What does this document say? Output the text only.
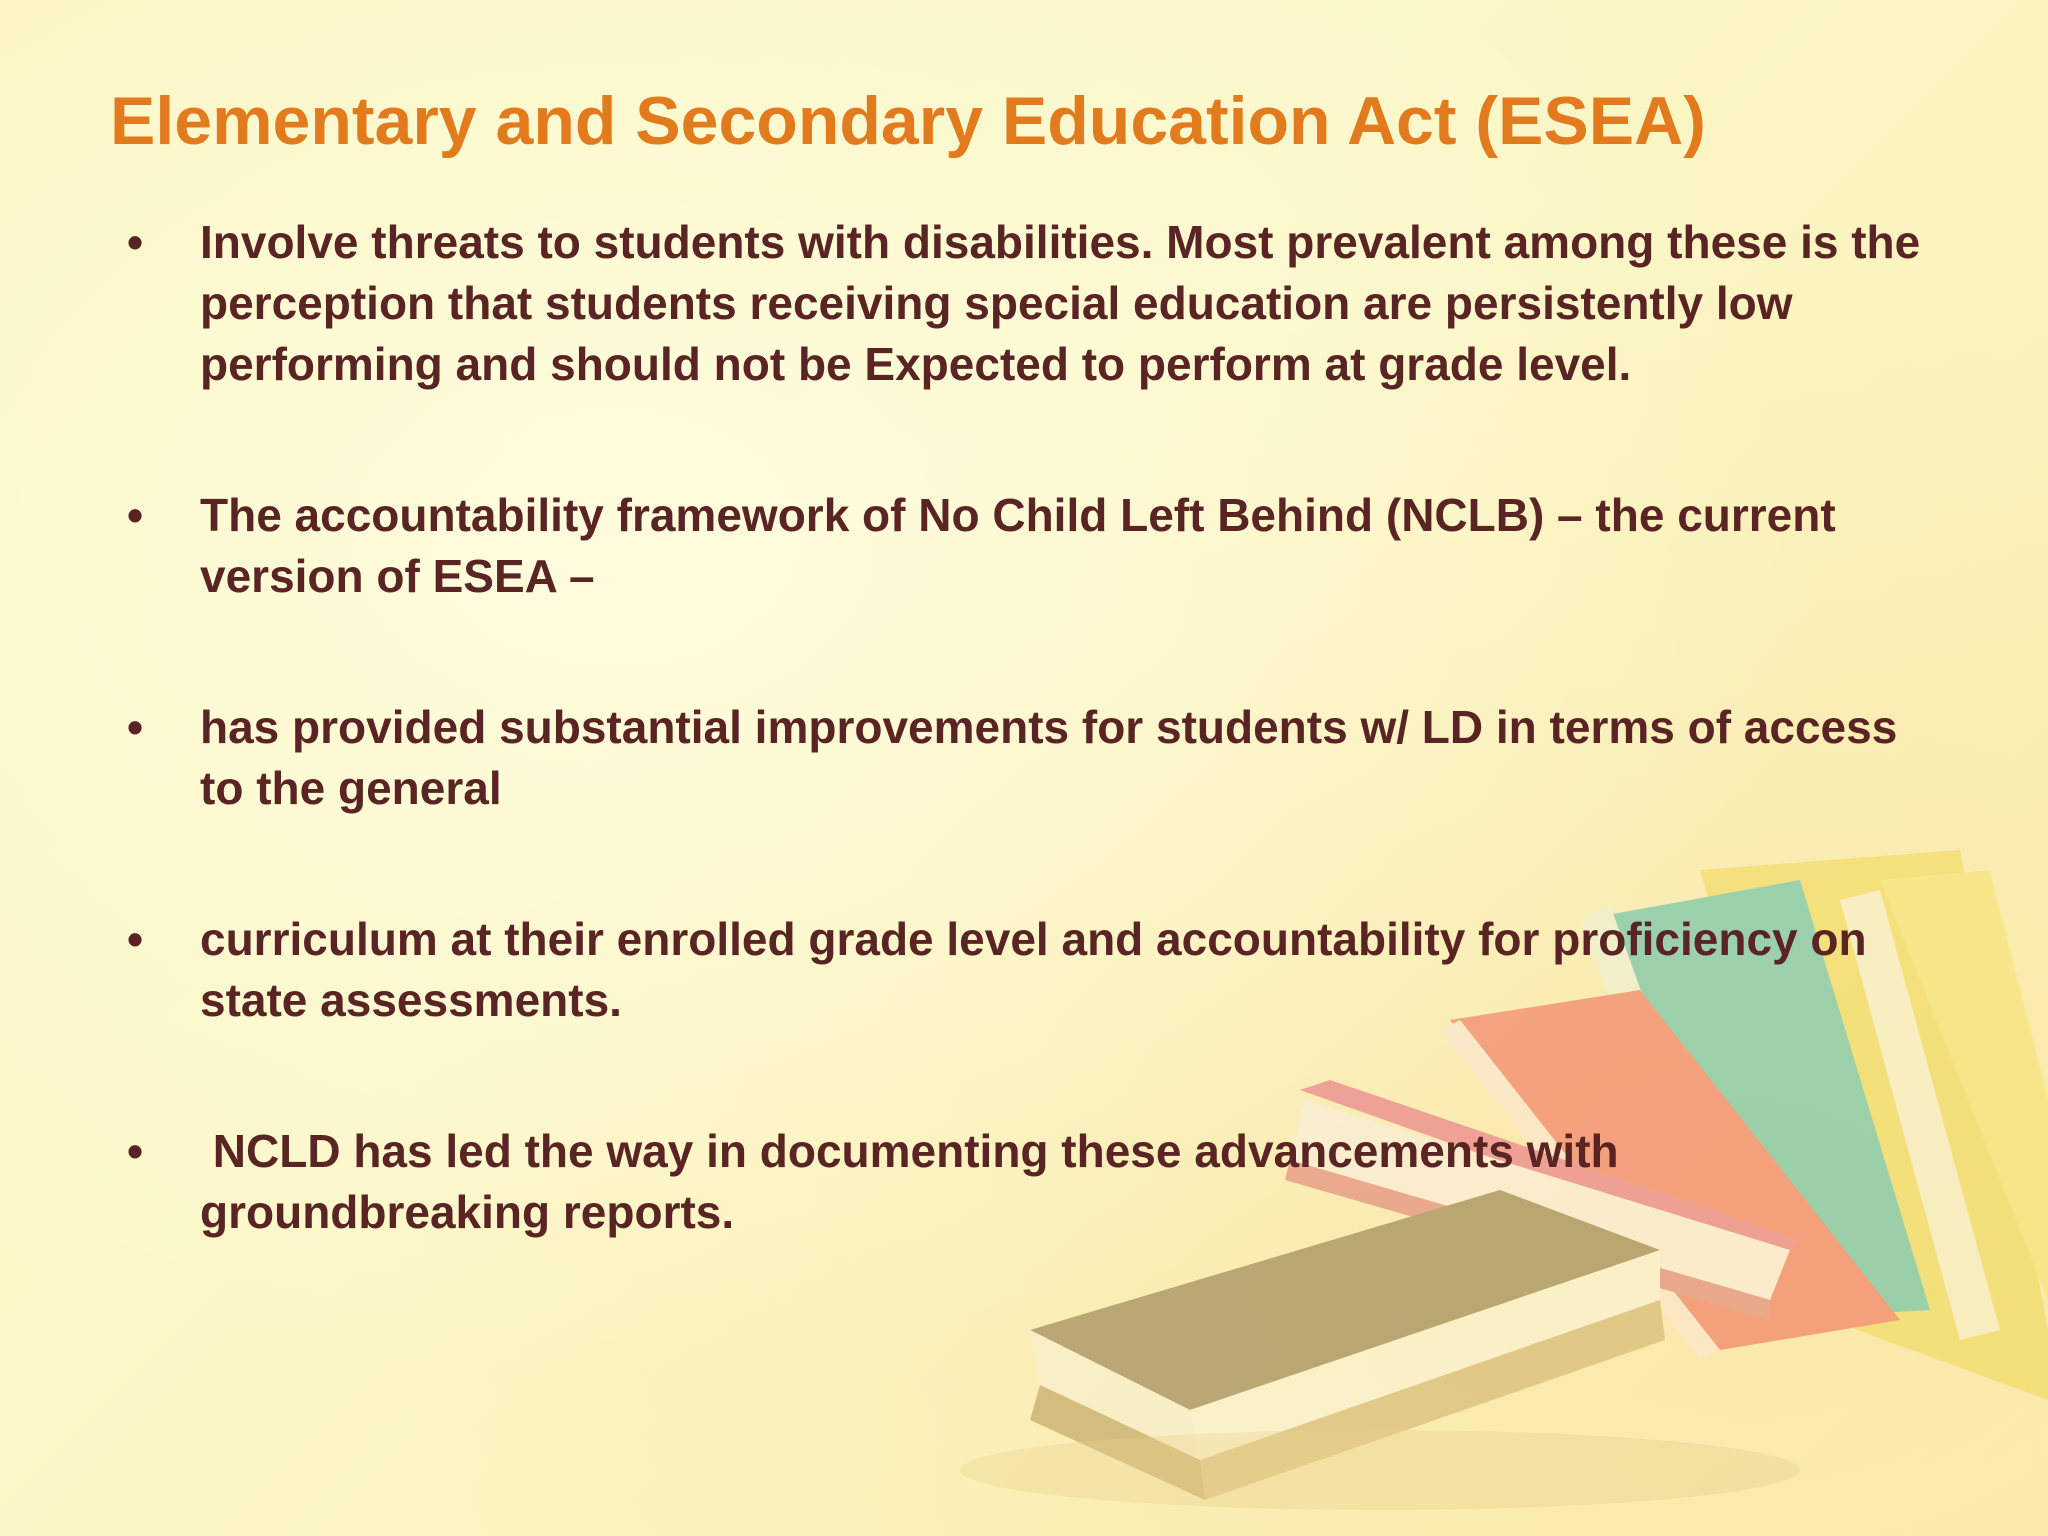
Elementary and Secondary Education Act (ESEA)
• Involve threats to students with disabilities. Most prevalent among these is the perception that students receiving special education are persistently low performing and should not be Expected to perform at grade level.
• The accountability framework of No Child Left Behind (NCLB) – the current version of ESEA –
• has provided substantial improvements for students w/ LD in terms of access to the general
• curriculum at their enrolled grade level and accountability for proficiency on state assessments.
• NCLD has led the way in documenting these advancements with groundbreaking reports.
